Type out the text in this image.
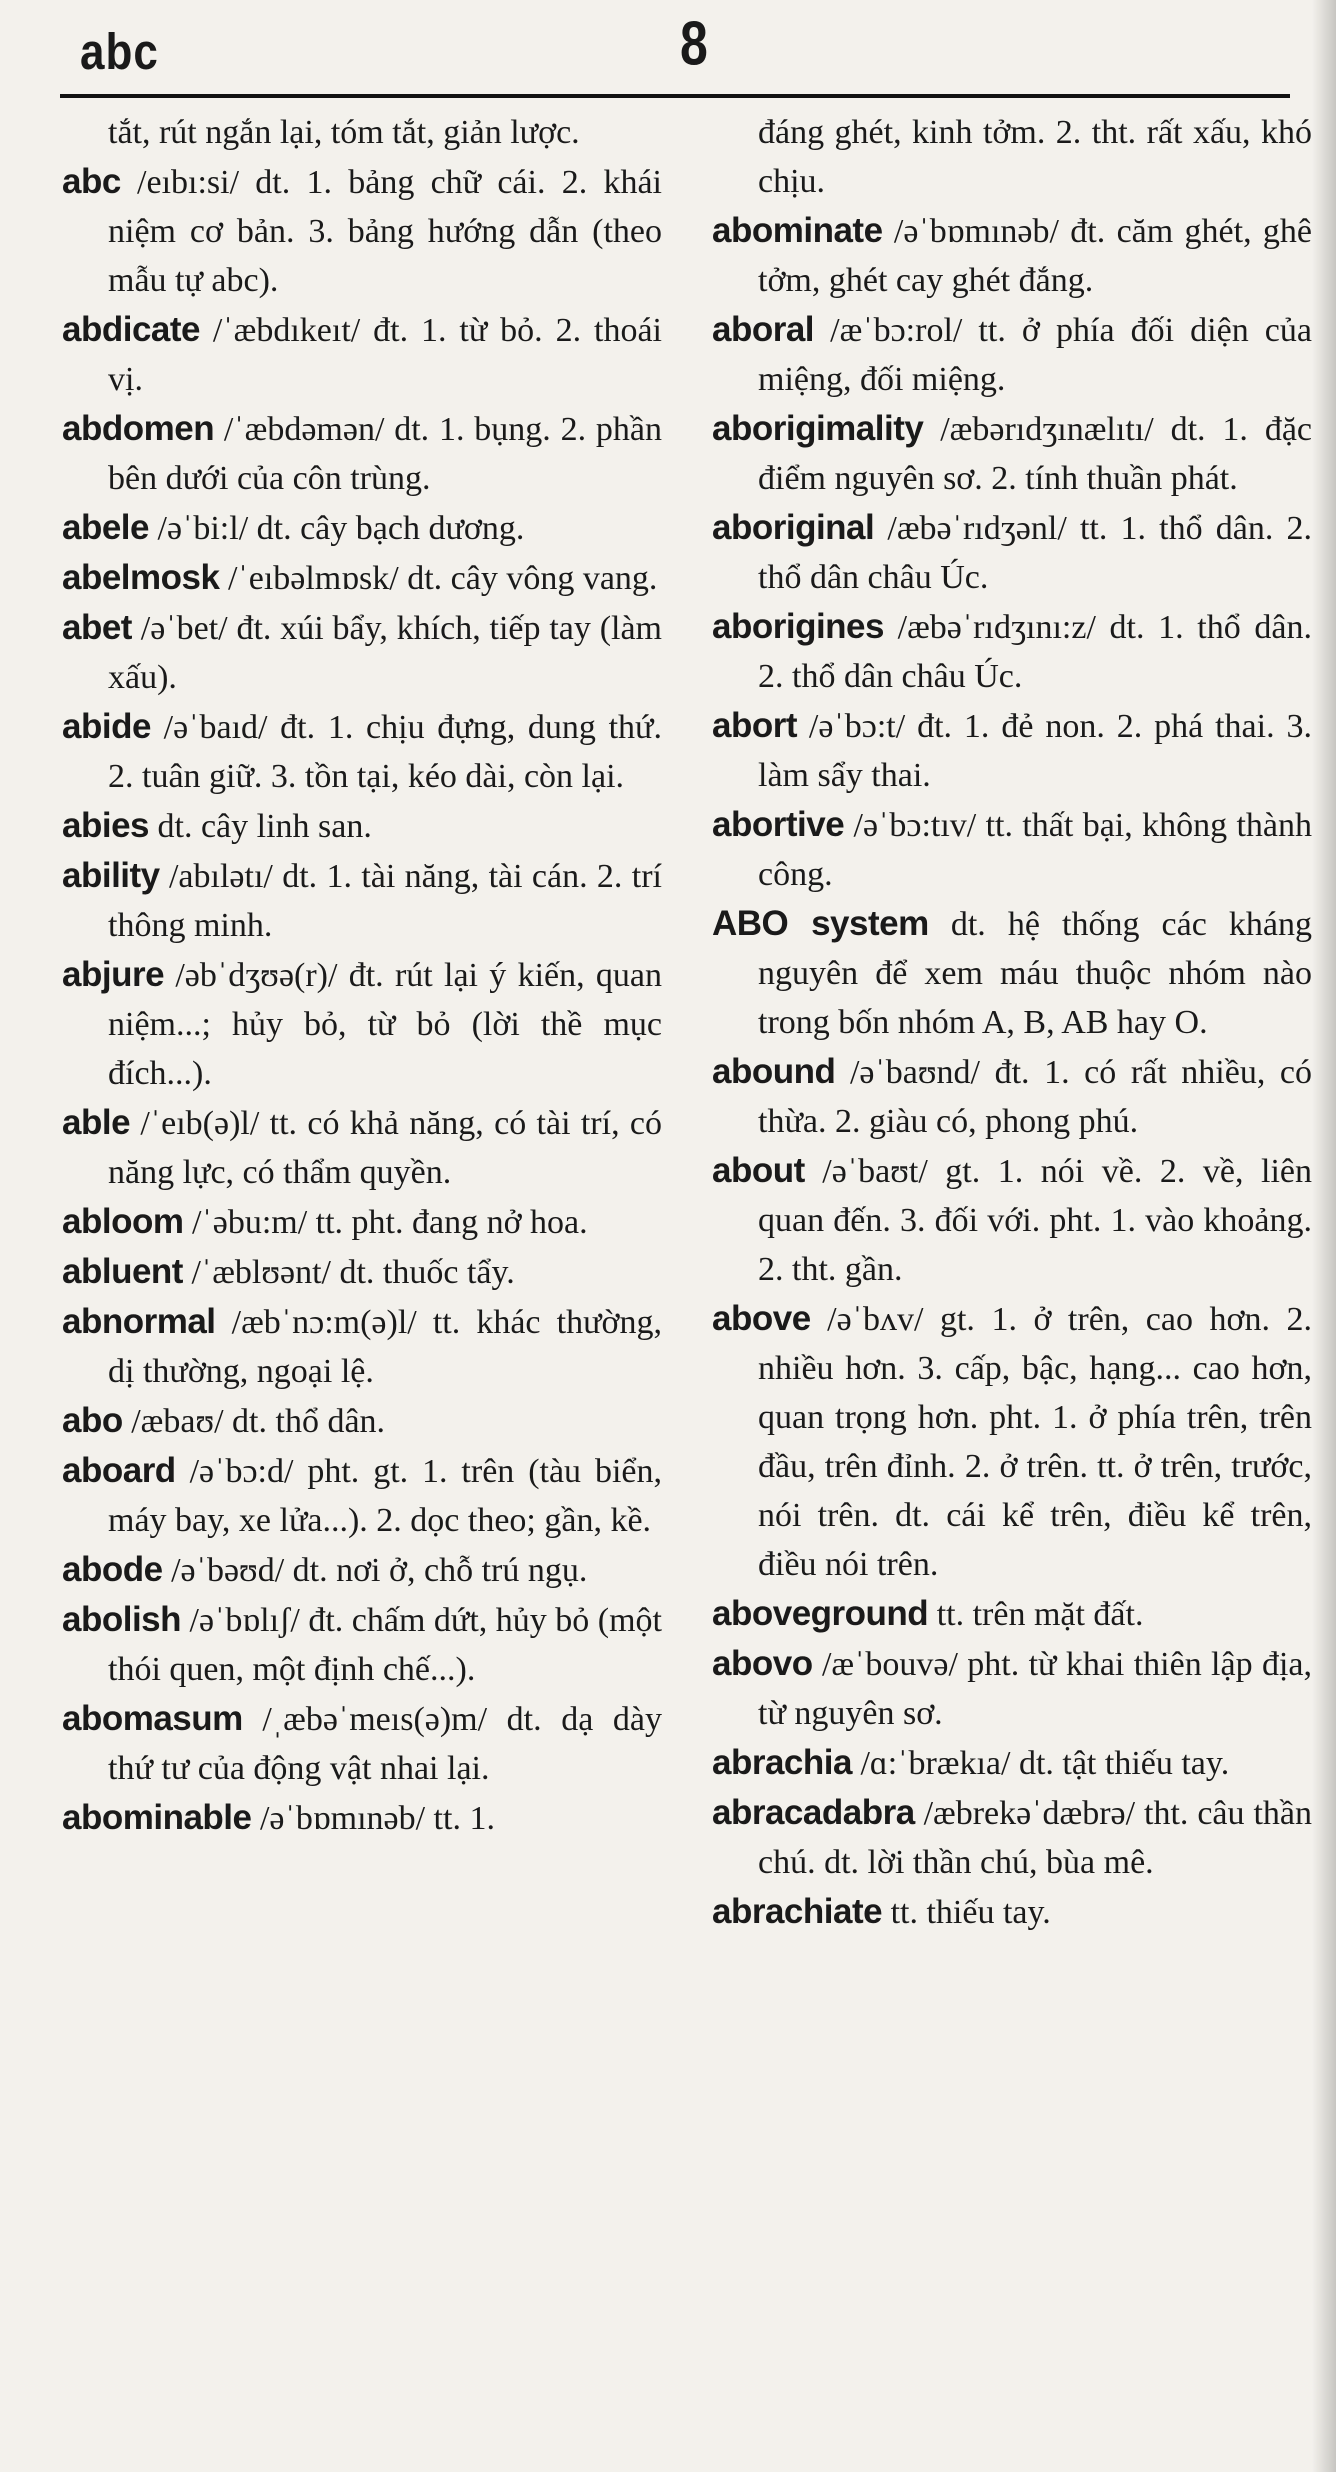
abc	8

tắt, rút ngắn lại, tóm tắt, giản lược.

abc /eıbı:si/ dt. 1. bảng chữ cái. 2. khái niệm cơ bản. 3. bảng hướng dẫn (theo mẫu tự abc).

abdicate /ˈæbdıkeıt/ đt. 1. từ bỏ. 2. thoái vị.

abdomen /ˈæbdəmən/ dt. 1. bụng. 2. phần bên dưới của côn trùng.

abele /əˈbi:l/ dt. cây bạch dương.

abelmosk /ˈeıbəlmɒsk/ dt. cây vông vang.

abet /əˈbet/ đt. xúi bẩy, khích, tiếp tay (làm xấu).

abide /əˈbaıd/ đt. 1. chịu đựng, dung thứ. 2. tuân giữ. 3. tồn tại, kéo dài, còn lại.

abies dt. cây linh san.

ability /abılətı/ dt. 1. tài năng, tài cán. 2. trí thông minh.

abjure /əbˈdʒʊə(r)/ đt. rút lại ý kiến, quan niệm...; hủy bỏ, từ bỏ (lời thề mục đích...).

able /ˈeıb(ə)l/ tt. có khả năng, có tài trí, có năng lực, có thẩm quyền.

abloom /ˈəbu:m/ tt. pht. đang nở hoa.

abluent /ˈæblʊənt/ dt. thuốc tẩy.

abnormal /æbˈnɔ:m(ə)l/ tt. khác thường, dị thường, ngoại lệ.

abo /æbaʊ/ dt. thổ dân.

aboard /əˈbɔ:d/ pht. gt. 1. trên (tàu biển, máy bay, xe lửa...). 2. dọc theo; gần, kề.

abode /əˈbəʊd/ dt. nơi ở, chỗ trú ngụ.

abolish /əˈbɒlıʃ/ đt. chấm dứt, hủy bỏ (một thói quen, một định chế...).

abomasum /ˌæbəˈmeıs(ə)m/ dt. dạ dày thứ tư của động vật nhai lại.

abominable /əˈbɒmınəb/ tt. 1.

đáng ghét, kinh tởm. 2. tht. rất xấu, khó chịu.

abominate /əˈbɒmınəb/ đt. căm ghét, ghê tởm, ghét cay ghét đắng.

aboral /æˈbɔ:rol/ tt. ở phía đối diện của miệng, đối miệng.

aborigimality /æbərıdʒınælıtı/ dt. 1. đặc điểm nguyên sơ. 2. tính thuần phát.

aboriginal /æbəˈrıdʒənl/ tt. 1. thổ dân. 2. thổ dân châu Úc.

aborigines /æbəˈrıdʒını:z/ dt. 1. thổ dân. 2. thổ dân châu Úc.

abort /əˈbɔ:t/ đt. 1. đẻ non. 2. phá thai. 3. làm sẩy thai.

abortive /əˈbɔ:tıv/ tt. thất bại, không thành công.

ABO system dt. hệ thống các kháng nguyên để xem máu thuộc nhóm nào trong bốn nhóm A, B, AB hay O.

abound /əˈbaʊnd/ đt. 1. có rất nhiều, có thừa. 2. giàu có, phong phú.

about /əˈbaʊt/ gt. 1. nói về. 2. về, liên quan đến. 3. đối với. pht. 1. vào khoảng. 2. tht. gần.

above /əˈbʌv/ gt. 1. ở trên, cao hơn. 2. nhiều hơn. 3. cấp, bậc, hạng... cao hơn, quan trọng hơn. pht. 1. ở phía trên, trên đầu, trên đỉnh. 2. ở trên. tt. ở trên, trước, nói trên. dt. cái kể trên, điều kể trên, điều nói trên.

aboveground tt. trên mặt đất.

abovo /æˈbouvə/ pht. từ khai thiên lập địa, từ nguyên sơ.

abrachia /ɑ:ˈbrækıa/ dt. tật thiếu tay.

abracadabra /æbrekəˈdæbrə/ tht. câu thần chú. dt. lời thần chú, bùa mê.

abrachiate tt. thiếu tay.
